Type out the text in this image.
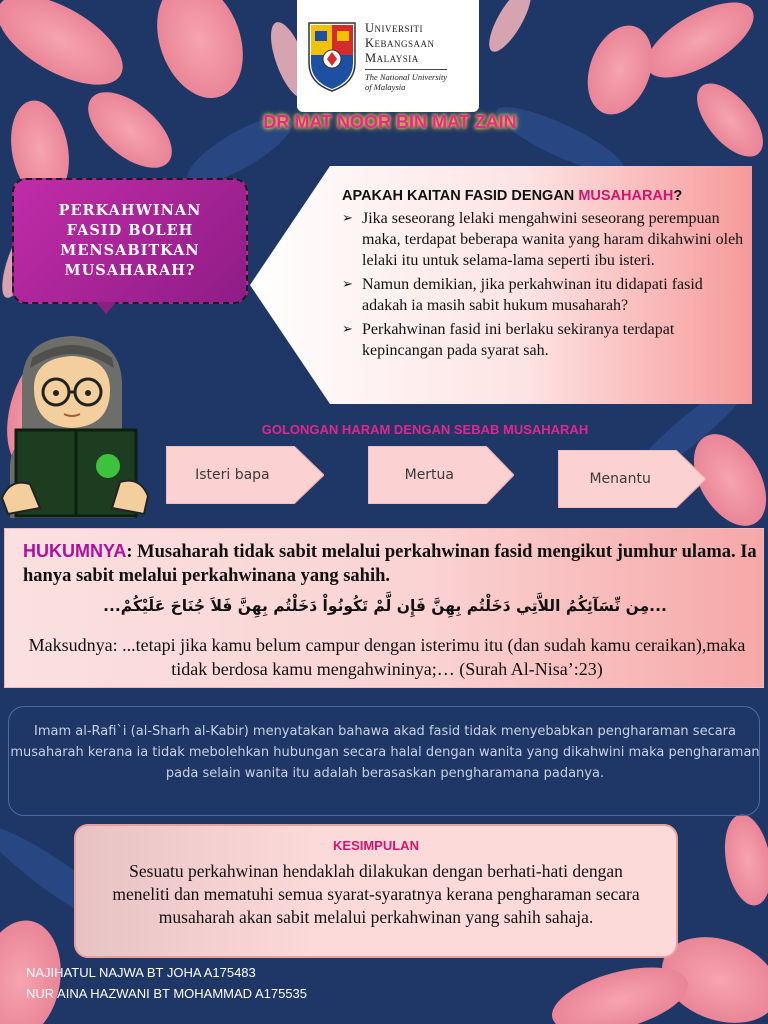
Universiti
Kebangsaan
Malaysia
The National University
of Malaysia
DR MAT NOOR BIN MAT ZAIN
PERKAHWINAN
FASID BOLEH
MENSABITKAN
MUSAHARAH?
APAKAH KAITAN FASID DENGAN MUSAHARAH?
➢ Jika seseorang lelaki mengahwini seseorang perempuan maka, terdapat beberapa wanita yang haram dikahwini oleh lelaki itu untuk selama-lama seperti ibu isteri.
➢ Namun demikian, jika perkahwinan itu didapati fasid adakah ia masih sabit hukum musaharah?
➢ Perkahwinan fasid ini berlaku sekiranya terdapat kepincangan pada syarat sah.
GOLONGAN HARAM DENGAN SEBAB MUSAHARAH
Isteri bapa	Mertua	Menantu
HUKUMNYA: Musaharah tidak sabit melalui perkahwinan fasid mengikut jumhur ulama. Ia hanya sabit melalui perkahwinana yang sahih.
...مِن نِّسَآئِكُمُ اللاَّتِي دَخَلْتُم بِهِنَّ فَإِن لَّمْ تَكُونُواْ دَخَلْتُم بِهِنَّ فَلاَ جُنَاحَ عَلَيْكُمْ...
Maksudnya: ...tetapi jika kamu belum campur dengan isterimu itu (dan sudah kamu ceraikan),maka tidak berdosa kamu mengahwininya;… (Surah Al-Nisa’:23)
Imam al-Rafi`i (al-Sharh al-Kabir) menyatakan bahawa akad fasid tidak menyebabkan pengharaman secara musaharah kerana ia tidak mebolehkan hubungan secara halal dengan wanita yang dikahwini maka pengharaman pada selain wanita itu adalah berasaskan pengharamana padanya.
KESIMPULAN
Sesuatu perkahwinan hendaklah dilakukan dengan berhati-hati dengan meneliti dan mematuhi semua syarat-syaratnya kerana pengharaman secara musaharah akan sabit melalui perkahwinan yang sahih sahaja.
NAJIHATUL NAJWA BT JOHA A175483
NUR AINA HAZWANI BT MOHAMMAD A175535
